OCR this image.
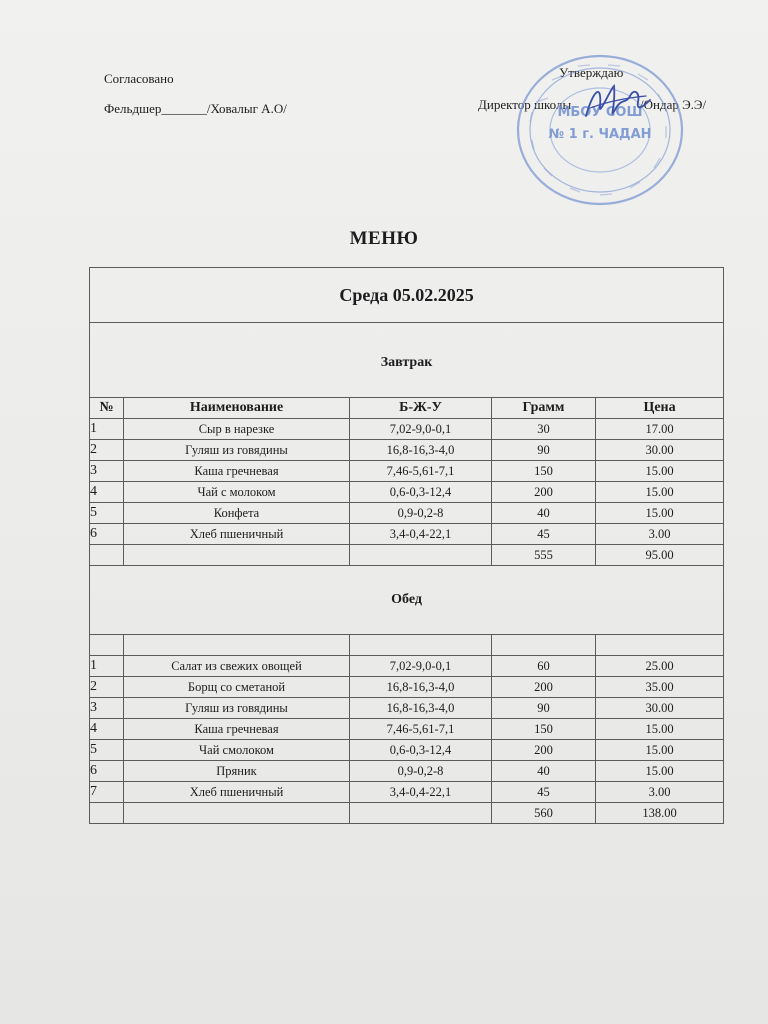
Согласовано
Фельдшер_______/Ховалыг А.О/
Утверждаю
Директор школы	/Ондар Э.Э/
МБОУ СОШ
№ 1 г. ЧАДАН
МЕНЮ
Среда 05.02.2025				
Завтрак				
№	Наименование	Б-Ж-У	Грамм	Цена
1	Сыр в нарезке	7,02-9,0-0,1	30	17.00
2	Гуляш из говядины	16,8-16,3-4,0	90	30.00
3	Каша гречневая	7,46-5,61-7,1	150	15.00
4	Чай с молоком	0,6-0,3-12,4	200	15.00
5	Конфета	0,9-0,2-8	40	15.00
6	Хлеб пшеничный	3,4-0,4-22,1	45	3.00
			555	95.00
Обед				

1	Салат из свежих овощей	7,02-9,0-0,1	60	25.00
2	Борщ со сметаной	16,8-16,3-4,0	200	35.00
3	Гуляш из говядины	16,8-16,3-4,0	90	30.00
4	Каша гречневая	7,46-5,61-7,1	150	15.00
5	Чай смолоком	0,6-0,3-12,4	200	15.00
6	Пряник	0,9-0,2-8	40	15.00
7	Хлеб пшеничный	3,4-0,4-22,1	45	3.00
			560	138.00
